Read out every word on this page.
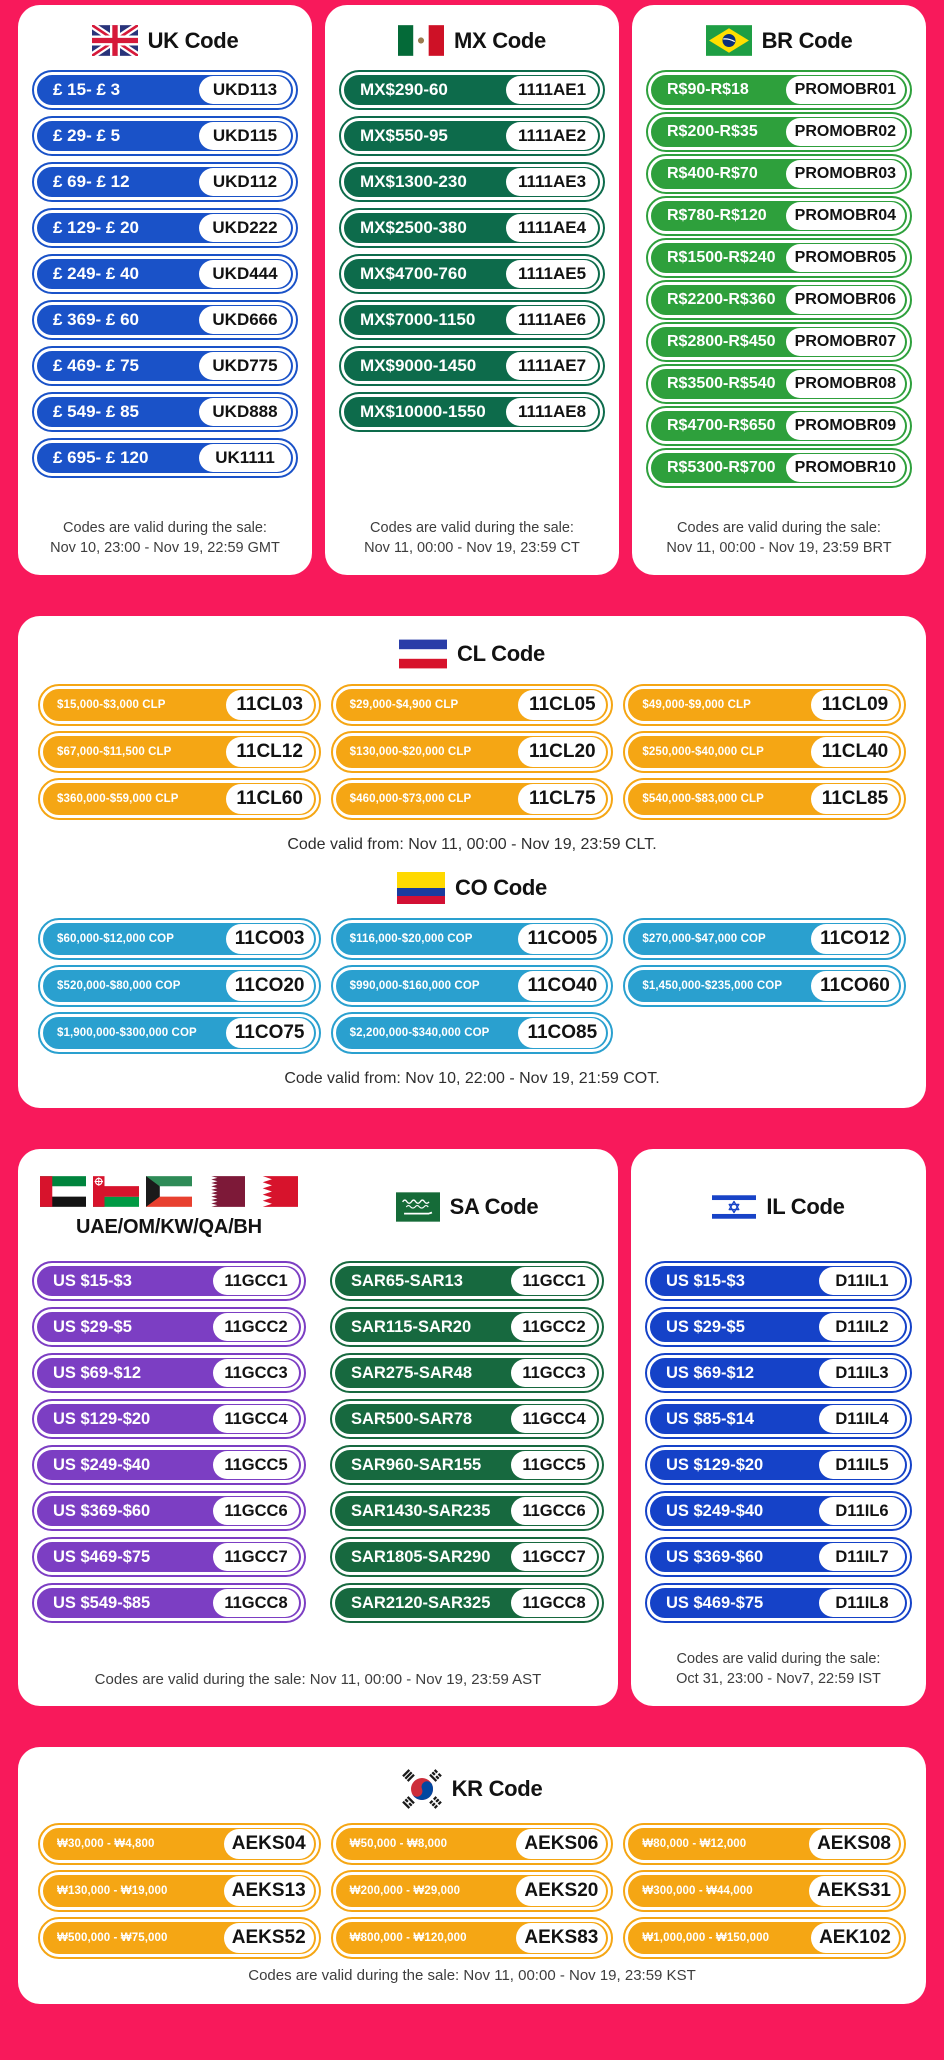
UK Code
£ 15- £ 3	UKD113
£ 29- £ 5	UKD115
£ 69- £ 12	UKD112
£ 129- £ 20	UKD222
£ 249- £ 40	UKD444
£ 369- £ 60	UKD666
£ 469- £ 75	UKD775
£ 549- £ 85	UKD888
£ 695- £ 120	UK1111
Codes are valid during the sale:
Nov 10, 23:00 - Nov 19, 22:59 GMT
MX Code
MX$290-60	1111AE1
MX$550-95	1111AE2
MX$1300-230	1111AE3
MX$2500-380	1111AE4
MX$4700-760	1111AE5
MX$7000-1150	1111AE6
MX$9000-1450	1111AE7
MX$10000-1550	1111AE8
Codes are valid during the sale:
Nov 11, 00:00 - Nov 19, 23:59 CT
BR Code
R$90-R$18	PROMOBR01
R$200-R$35	PROMOBR02
R$400-R$70	PROMOBR03
R$780-R$120	PROMOBR04
R$1500-R$240	PROMOBR05
R$2200-R$360	PROMOBR06
R$2800-R$450	PROMOBR07
R$3500-R$540	PROMOBR08
R$4700-R$650	PROMOBR09
R$5300-R$700	PROMOBR10
Codes are valid during the sale:
Nov 11, 00:00 - Nov 19, 23:59 BRT
CL Code
$15,000-$3,000 CLP	11CL03	$29,000-$4,900 CLP	11CL05	$49,000-$9,000 CLP	11CL09
$67,000-$11,500 CLP	11CL12	$130,000-$20,000 CLP	11CL20	$250,000-$40,000 CLP	11CL40
$360,000-$59,000 CLP	11CL60	$460,000-$73,000 CLP	11CL75	$540,000-$83,000 CLP	11CL85
Code valid from: Nov 11, 00:00 - Nov 19, 23:59 CLT.
CO Code
$60,000-$12,000 COP	11CO03	$116,000-$20,000 COP	11CO05	$270,000-$47,000 COP	11CO12
$520,000-$80,000 COP	11CO20	$990,000-$160,000 COP	11CO40	$1,450,000-$235,000 COP	11CO60
$1,900,000-$300,000 COP	11CO75	$2,200,000-$340,000 COP	11CO85
Code valid from: Nov 10, 22:00 - Nov 19, 21:59 COT.
UAE/OM/KW/QA/BH
US $15-$3	11GCC1
US $29-$5	11GCC2
US $69-$12	11GCC3
US $129-$20	11GCC4
US $249-$40	11GCC5
US $369-$60	11GCC6
US $469-$75	11GCC7
US $549-$85	11GCC8
SA Code
SAR65-SAR13	11GCC1
SAR115-SAR20	11GCC2
SAR275-SAR48	11GCC3
SAR500-SAR78	11GCC4
SAR960-SAR155	11GCC5
SAR1430-SAR235	11GCC6
SAR1805-SAR290	11GCC7
SAR2120-SAR325	11GCC8
Codes are valid during the sale: Nov 11, 00:00 - Nov 19, 23:59 AST
IL Code
US $15-$3	D11IL1
US $29-$5	D11IL2
US $69-$12	D11IL3
US $85-$14	D11IL4
US $129-$20	D11IL5
US $249-$40	D11IL6
US $369-$60	D11IL7
US $469-$75	D11IL8
Codes are valid during the sale:
Oct 31, 23:00 - Nov7, 22:59 IST
KR Code
₩30,000 - ₩4,800	AEKS04	₩50,000 - ₩8,000	AEKS06	₩80,000 - ₩12,000	AEKS08
₩130,000 - ₩19,000	AEKS13	₩200,000 - ₩29,000	AEKS20	₩300,000 - ₩44,000	AEKS31
₩500,000 - ₩75,000	AEKS52	₩800,000 - ₩120,000	AEKS83	₩1,000,000 - ₩150,000	AEK102
Codes are valid during the sale: Nov 11, 00:00 - Nov 19, 23:59 KST
